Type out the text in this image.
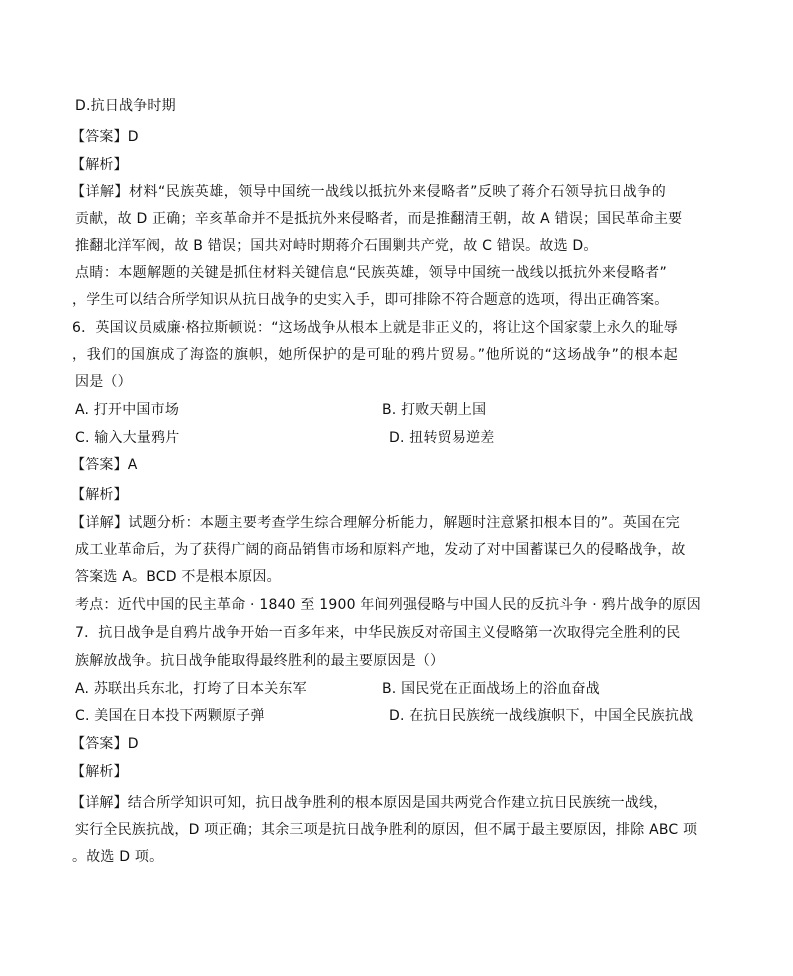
D.抗日战争时期
【答案】D
【解析】
【详解】材料“民族英雄，领导中国统一战线以抵抗外来侵略者”反映了蒋介石领导抗日战争的
贡献，故 D 正确；辛亥革命并不是抵抗外来侵略者，而是推翻清王朝，故 A 错误；国民革命主要
推翻北洋军阀，故 B 错误；国共对峙时期蒋介石围剿共产党，故 C 错误。故选 D。
点睛：本题解题的关键是抓住材料关键信息“民族英雄，领导中国统一战线以抵抗外来侵略者”
，学生可以结合所学知识从抗日战争的史实入手，即可排除不符合题意的选项，得出正确答案。
6．英国议员威廉·格拉斯顿说：“这场战争从根本上就是非正义的，将让这个国家蒙上永久的耻辱
，我们的国旗成了海盗的旗帜，她所保护的是可耻的鸦片贸易。”他所说的“这场战争”的根本起
因是（）
A. 打开中国市场	B. 打败天朝上国
C. 输入大量鸦片	D. 扭转贸易逆差
【答案】A
【解析】
【详解】试题分析：本题主要考查学生综合理解分析能力，解题时注意紧扣根本目的”。英国在完
成工业革命后，为了获得广阔的商品销售市场和原料产地，发动了对中国蓄谋已久的侵略战争，故
答案选 A。BCD 不是根本原因。
考点：近代中国的民主革命 · 1840 至 1900 年间列强侵略与中国人民的反抗斗争 · 鸦片战争的原因
7．抗日战争是自鸦片战争开始一百多年来，中华民族反对帝国主义侵略第一次取得完全胜利的民
族解放战争。抗日战争能取得最终胜利的最主要原因是（）
A. 苏联出兵东北，打垮了日本关东军	B. 国民党在正面战场上的浴血奋战
C. 美国在日本投下两颗原子弹	D. 在抗日民族统一战线旗帜下，中国全民族抗战
【答案】D
【解析】
【详解】结合所学知识可知，抗日战争胜利的根本原因是国共两党合作建立抗日民族统一战线，
实行全民族抗战，D 项正确；其余三项是抗日战争胜利的原因，但不属于最主要原因，排除 ABC 项
。故选 D 项。
